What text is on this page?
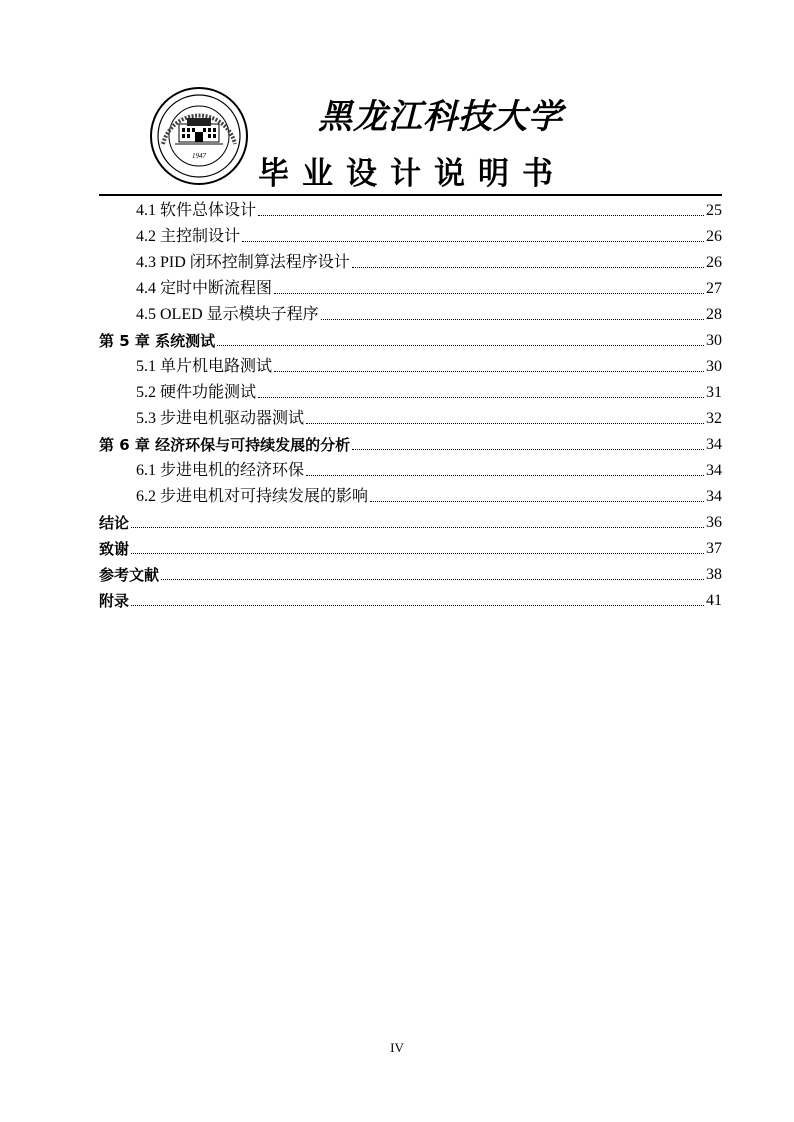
1947
黑龙江科技大学
毕业设计说明书
4.1 软件总体设计	25
4.2 主控制设计	26
4.3 PID 闭环控制算法程序设计	26
4.4 定时中断流程图	27
4.5 OLED 显示模块子程序	28
第 5 章 系统测试	30
5.1 单片机电路测试	30
5.2 硬件功能测试	31
5.3 步进电机驱动器测试	32
第 6 章 经济环保与可持续发展的分析	34
6.1 步进电机的经济环保	34
6.2 步进电机对可持续发展的影响	34
结论	36
致谢	37
参考文献	38
附录	41
IV
